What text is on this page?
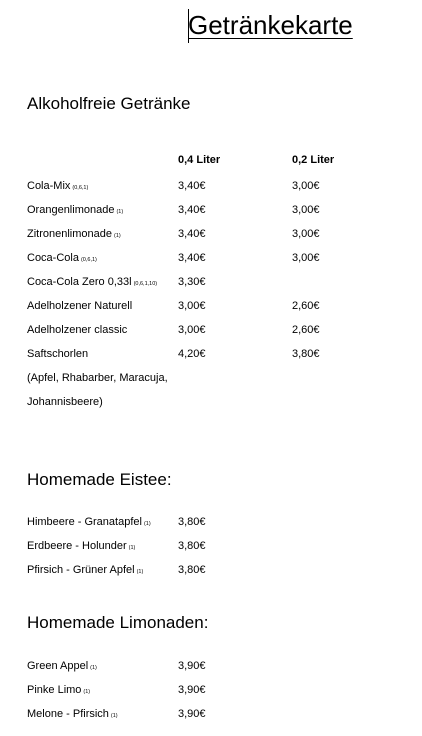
Getränkekarte
Alkoholfreie Getränke
0,4 Liter	0,2 Liter
Cola-Mix (0,6,1)	3,40€	3,00€
Orangenlimonade (1)	3,40€	3,00€
Zitronenlimonade (1)	3,40€	3,00€
Coca-Cola (0,6,1)	3,40€	3,00€
Coca-Cola Zero 0,33l (0,6,1,10) 3,30€
Adelholzener Naturell	3,00€	2,60€
Adelholzener classic	3,00€	2,60€
Saftschorlen	4,20€	3,80€
(Apfel, Rhabarber, Maracuja,
Johannisbeere)
Homemade Eistee:
Himbeere - Granatapfel (1) 3,80€
Erdbeere - Holunder (1)	3,80€
Pfirsich - Grüner Apfel (1)	3,80€
Homemade Limonaden:
Green Appel (1)	3,90€
Pinke Limo (1)	3,90€
Melone - Pfirsich (1)	3,90€
